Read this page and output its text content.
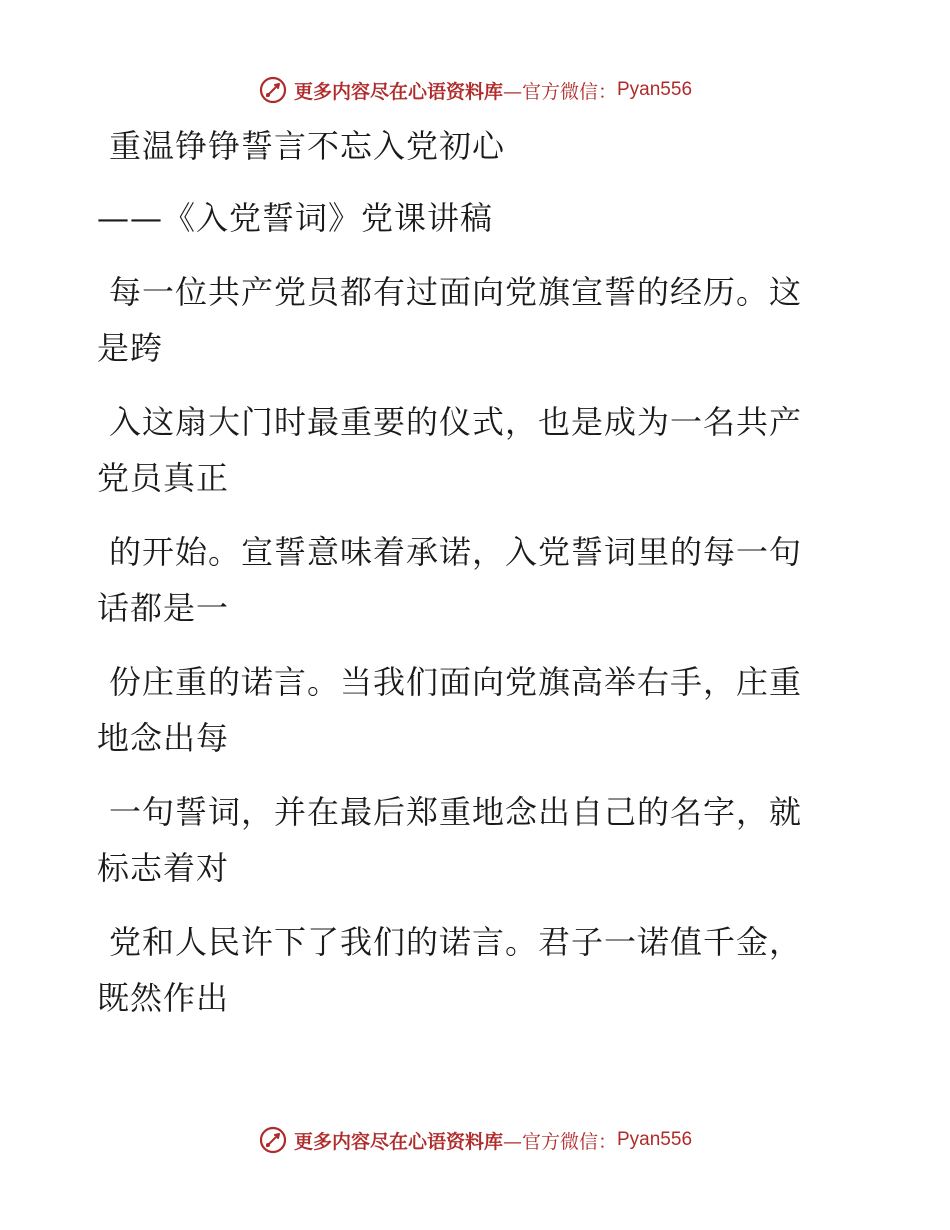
更多内容尽在心语资料库 —官方微信： Pyan556
重温铮铮誓言不忘入党初心
——《入党誓词》党课讲稿
每一位共产党员都有过面向党旗宣誓的经历。这
是跨
入这扇大门时最重要的仪式，也是成为一名共产
党员真正
的开始。宣誓意味着承诺，入党誓词里的每一句
话都是一
份庄重的诺言。当我们面向党旗高举右手，庄重
地念出每
一句誓词，并在最后郑重地念出自己的名字，就
标志着对
党和人民许下了我们的诺言。君子一诺值千金，
既然作出
更多内容尽在心语资料库 —官方微信： Pyan556
